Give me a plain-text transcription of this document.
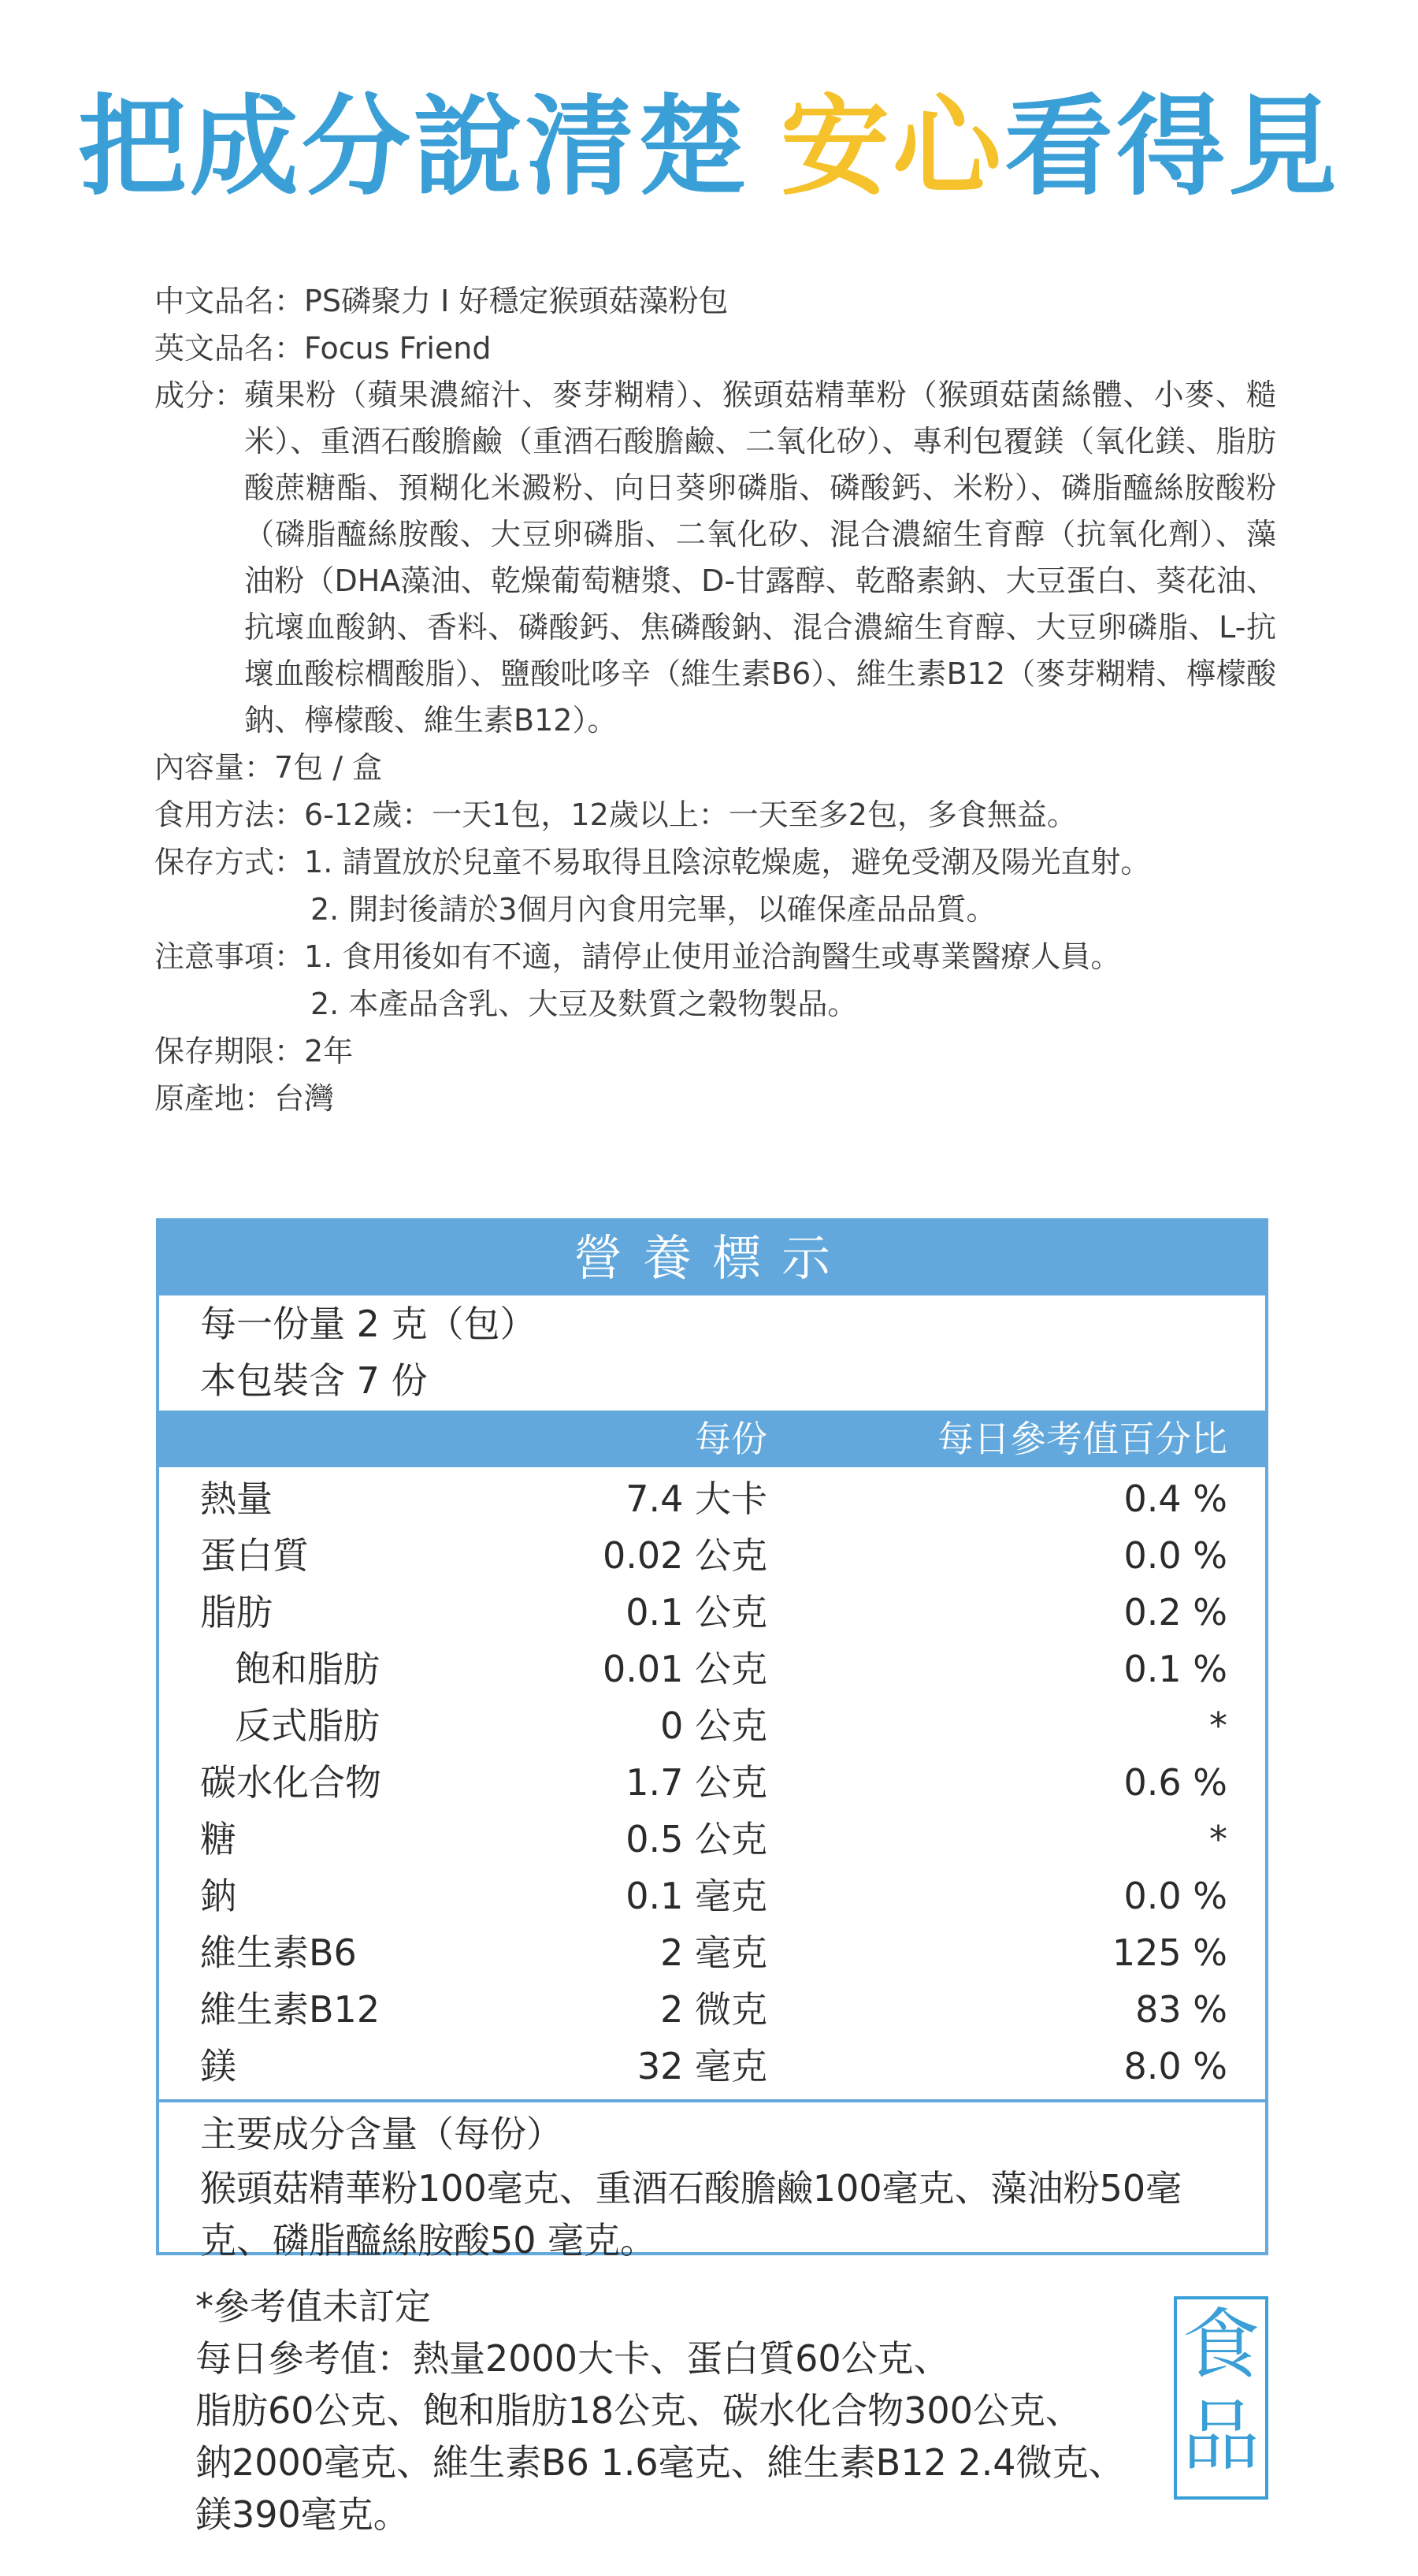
把成分說清楚 安心看得見
中文品名： PS磷聚力 I 好穩定猴頭菇藻粉包
英文品名： Focus Friend
成分： 蘋果粉（蘋果濃縮汁、麥芽糊精）、猴頭菇精華粉（猴頭菇菌絲體、小麥、糙米）、重酒石酸膽鹼（重酒石酸膽鹼、二氧化矽）、專利包覆鎂（氧化鎂、脂肪酸蔗糖酯、預糊化米澱粉、向日葵卵磷脂、磷酸鈣、米粉）、磷脂醯絲胺酸粉（磷脂醯絲胺酸、大豆卵磷脂、二氧化矽、混合濃縮生育醇（抗氧化劑）、藻油粉（DHA藻油、乾燥葡萄糖漿、D-甘露醇、乾酪素鈉、大豆蛋白、葵花油、抗壞血酸鈉、香料、磷酸鈣、焦磷酸鈉、混合濃縮生育醇、大豆卵磷脂、L-抗壞血酸棕櫚酸脂）、鹽酸吡哆辛（維生素B6）、維生素B12（麥芽糊精、檸檬酸鈉、檸檬酸、維生素B12）。
內容量： 7包 / 盒
食用方法： 6-12歲：一天1包，12歲以上：一天至多2包，多食無益。
保存方式： 1. 請置放於兒童不易取得且陰涼乾燥處，避免受潮及陽光直射。
2. 開封後請於3個月內食用完畢，以確保產品品質。
注意事項： 1. 食用後如有不適，請停止使用並洽詢醫生或專業醫療人員。
2. 本產品含乳、大豆及麩質之穀物製品。
保存期限： 2年
原產地： 台灣
營養標示
每一份量 2 克（包）
本包裝含 7 份
每份	每日參考值百分比
熱量	7.4 大卡	0.4 %
蛋白質	0.02 公克	0.0 %
脂肪	0.1 公克	0.2 %
飽和脂肪	0.01 公克	0.1 %
反式脂肪	0 公克	*
碳水化合物	1.7 公克	0.6 %
糖	0.5 公克	*
鈉	0.1 毫克	0.0 %
維生素B6	2 毫克	125 %
維生素B12	2 微克	83 %
鎂	32 毫克	8.0 %
主要成分含量（每份）
猴頭菇精華粉100毫克、重酒石酸膽鹼100毫克、藻油粉50毫克、磷脂醯絲胺酸50 毫克。
*參考值未訂定
每日參考值：熱量2000大卡、蛋白質60公克、
脂肪60公克、飽和脂肪18公克、碳水化合物300公克、
鈉2000毫克、維生素B6 1.6毫克、維生素B12 2.4微克、
鎂390毫克。
食
品
